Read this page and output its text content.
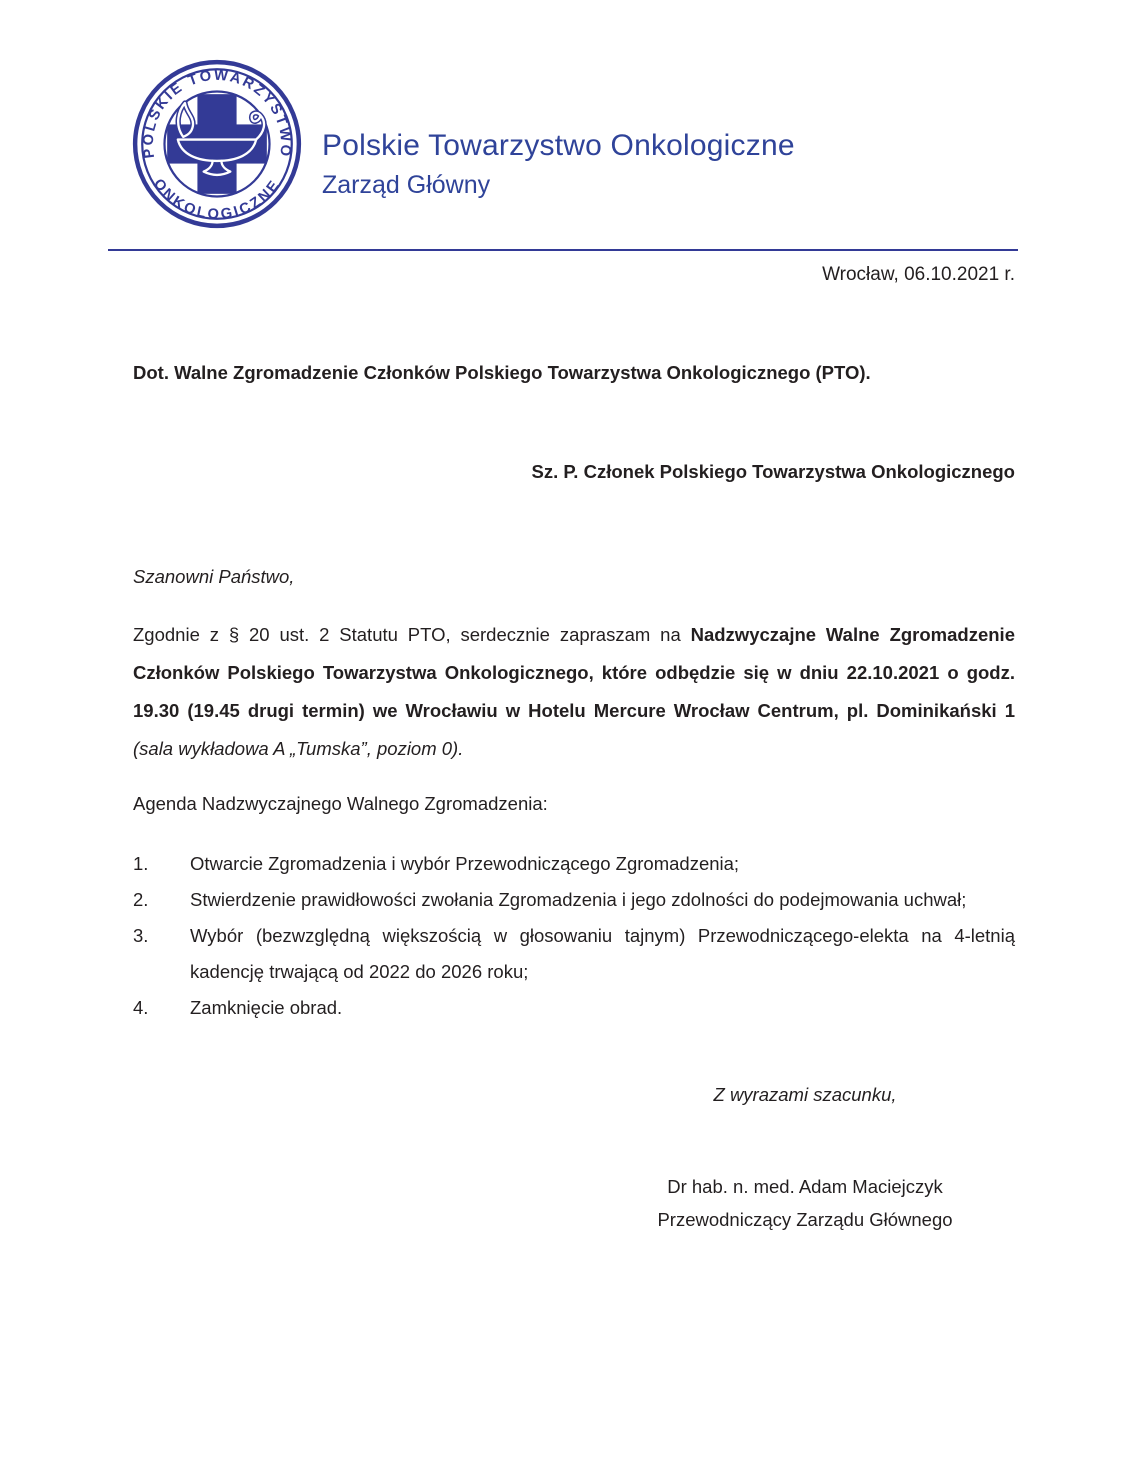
POLSKIE TOWARZYSTWO
ONKOLOGICZNE
Polskie Towarzystwo Onkologiczne
Zarząd Główny
Wrocław, 06.10.2021 r.
Dot. Walne Zgromadzenie Członków Polskiego Towarzystwa Onkologicznego (PTO).
Sz. P. Członek Polskiego Towarzystwa Onkologicznego
Szanowni Państwo,

Zgodnie z § 20 ust. 2 Statutu PTO, serdecznie zapraszam na Nadzwyczajne Walne Zgromadzenie Członków Polskiego Towarzystwa Onkologicznego, które odbędzie się w dniu 22.10.2021 o godz. 19.30 (19.45 drugi termin) we Wrocławiu w Hotelu Mercure Wrocław Centrum, pl. Dominikański 1 (sala wykładowa A „Tumska”, poziom 0).

Agenda Nadzwyczajnego Walnego Zgromadzenia:
1.	Otwarcie Zgromadzenia i wybór Przewodniczącego Zgromadzenia;
2.	Stwierdzenie prawidłowości zwołania Zgromadzenia i jego zdolności do podejmowania uchwał;
3.	Wybór (bezwzględną większością w głosowaniu tajnym) Przewodniczącego-elekta na 4-letnią kadencję trwającą od 2022 do 2026 roku;
4.	Zamknięcie obrad.
Z wyrazami szacunku,
Dr hab. n. med. Adam Maciejczyk
Przewodniczący Zarządu Głównego
